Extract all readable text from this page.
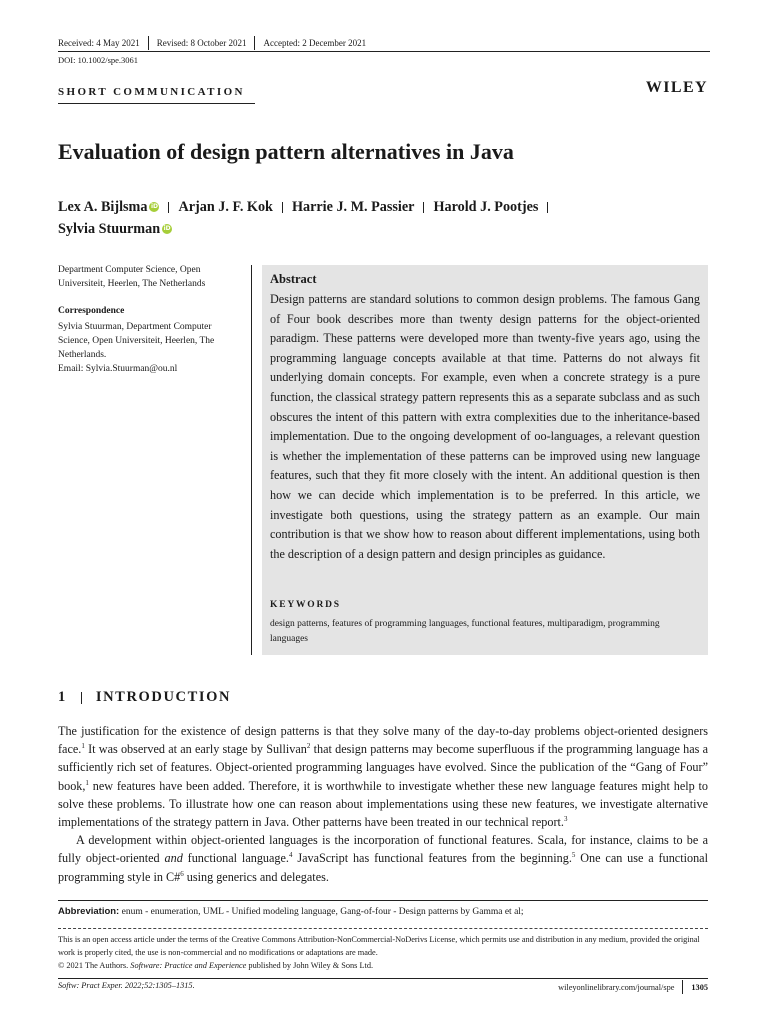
Received: 4 May 2021 Revised: 8 October 2021 Accepted: 2 December 2021
DOI: 10.1002/spe.3061
SHORT COMMUNICATION	WILEY
Evaluation of design pattern alternatives in Java
Lex A. Bijlsma iD Arjan J. F. Kok Harrie J. M. Passier Harold J. Pootjes

Sylvia Stuurman iD
Department Computer Science, Open Universiteit, Heerlen, The Netherlands
Correspondence
Sylvia Stuurman, Department Computer Science, Open Universiteit, Heerlen, The Netherlands.
Email: Sylvia.Stuurman@ou.nl
Abstract
Design patterns are standard solutions to common design problems. The famous Gang of Four book describes more than twenty design patterns for the object-oriented paradigm. These patterns were developed more than twenty-five years ago, using the programming language concepts available at that time. Patterns do not always fit underlying domain concepts. For example, even when a concrete strategy is a pure function, the classical strategy pattern represents this as a separate subclass and as such obscures the intent of this pattern with extra complexities due to the inheritance-based implementation. Due to the ongoing development of oo-languages, a relevant question is whether the implementation of these patterns can be improved using new language features, such that they fit more closely with the intent. An additional question is then how we can decide which implementation is to be preferred. In this article, we investigate both questions, using the strategy pattern as an example. Our main contribution is that we show how to reason about different implementations, using both the description of a design pattern and design principles as guidance.
KEYWORDS
design patterns, features of programming languages, functional features, multiparadigm, programming languages
1 INTRODUCTION

The justification for the existence of design patterns is that they solve many of the day-to-day problems object-oriented designers face.$^1$ It was observed at an early stage by Sullivan$^2$ that design patterns may become superfluous if the programming language has a sufficiently rich set of features. Object-oriented programming languages have evolved. Since the publication of the “Gang of Four” book,$^1$ new features have been added. Therefore, it is worthwhile to investigate whether these new language features might help to solve these problems. To illustrate how one can reason about implementations using these new features, we investigate alternative implementations of the strategy pattern in Java. Other patterns have been treated in our technical report.$^3$

A development within object-oriented languages is the incorporation of functional features. Scala, for instance, claims to be a fully object-oriented and functional language.$^4$ JavaScript has functional features from the beginning.$^5$ One can use a functional programming style in C#$^6$ using generics and delegates.

Abbreviation: enum - enumeration, UML - Unified modeling language, Gang-of-four - Design patterns by Gamma et al;
This is an open access article under the terms of the Creative Commons Attribution-NonCommercial-NoDerivs License, which permits use and distribution in any medium, provided the original work is properly cited, the use is non-commercial and no modifications or adaptations are made.
© 2021 The Authors. Software: Practice and Experience published by John Wiley & Sons Ltd.
Softw: Pract Exper. 2022;52:1305–1315.	wileyonlinelibrary.com/journal/spe 1305
